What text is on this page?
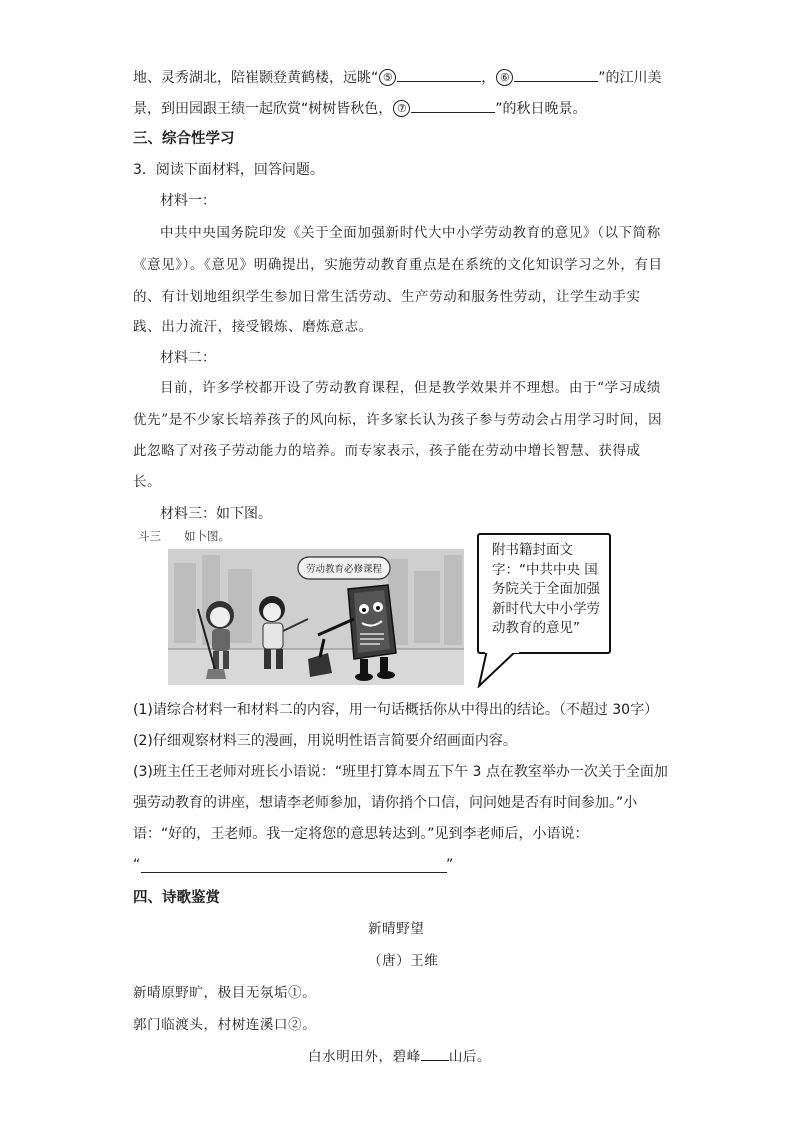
地、灵秀湖北，陪崔颢登黄鹤楼，远眺“ ⑤	， ⑥	”的江川美
景，到田园跟王绩一起欣赏“树树皆秋色， ⑦	”的秋日晚景。
三、综合性学习
3．阅读下面材料，回答问题。
材料一：
中共中央国务院印发《关于全面加强新时代大中小学劳动教育的意见》（以下简称
《意见》）。《意见》明确提出，实施劳动教育重点是在系统的文化知识学习之外，有目
的、有计划地组织学生参加日常生活劳动、生产劳动和服务性劳动，让学生动手实
践、出力流汗，接受锻炼、磨炼意志。
材料二：
目前，许多学校都开设了劳动教育课程，但是教学效果并不理想。由于“学习成绩
优先”是不少家长培养孩子的风向标，许多家长认为孩子参与劳动会占用学习时间，因
此忽略了对孩子劳动能力的培养。而专家表示，孩子能在劳动中增长智慧、获得成
长。
材料三：如下图。
斗三　　如卜图。
劳动教育必修课程
附书籍封面文字：“中共中央 国务院关于全面加强新时代大中小学劳动教育的意见”
(1)请综合材料一和材料二的内容，用一句话概括你从中得出的结论。（不超过 30字）
(2)仔细观察材料三的漫画，用说明性语言简要介绍画面内容。
(3)班主任王老师对班长小语说：“班里打算本周五下午 3 点在教室举办一次关于全面加
强劳动教育的讲座，想请李老师参加，请你捎个口信，问问她是否有时间参加。”小
语：“好的，王老师。我一定将您的意思转达到。”见到李老师后，小语说：
“	”
四、诗歌鉴赏
新晴野望
（唐）王维
新晴原野旷，极目无氛垢①。
郭门临渡头，村树连溪口②。
白水明田外，碧峰 山后。
